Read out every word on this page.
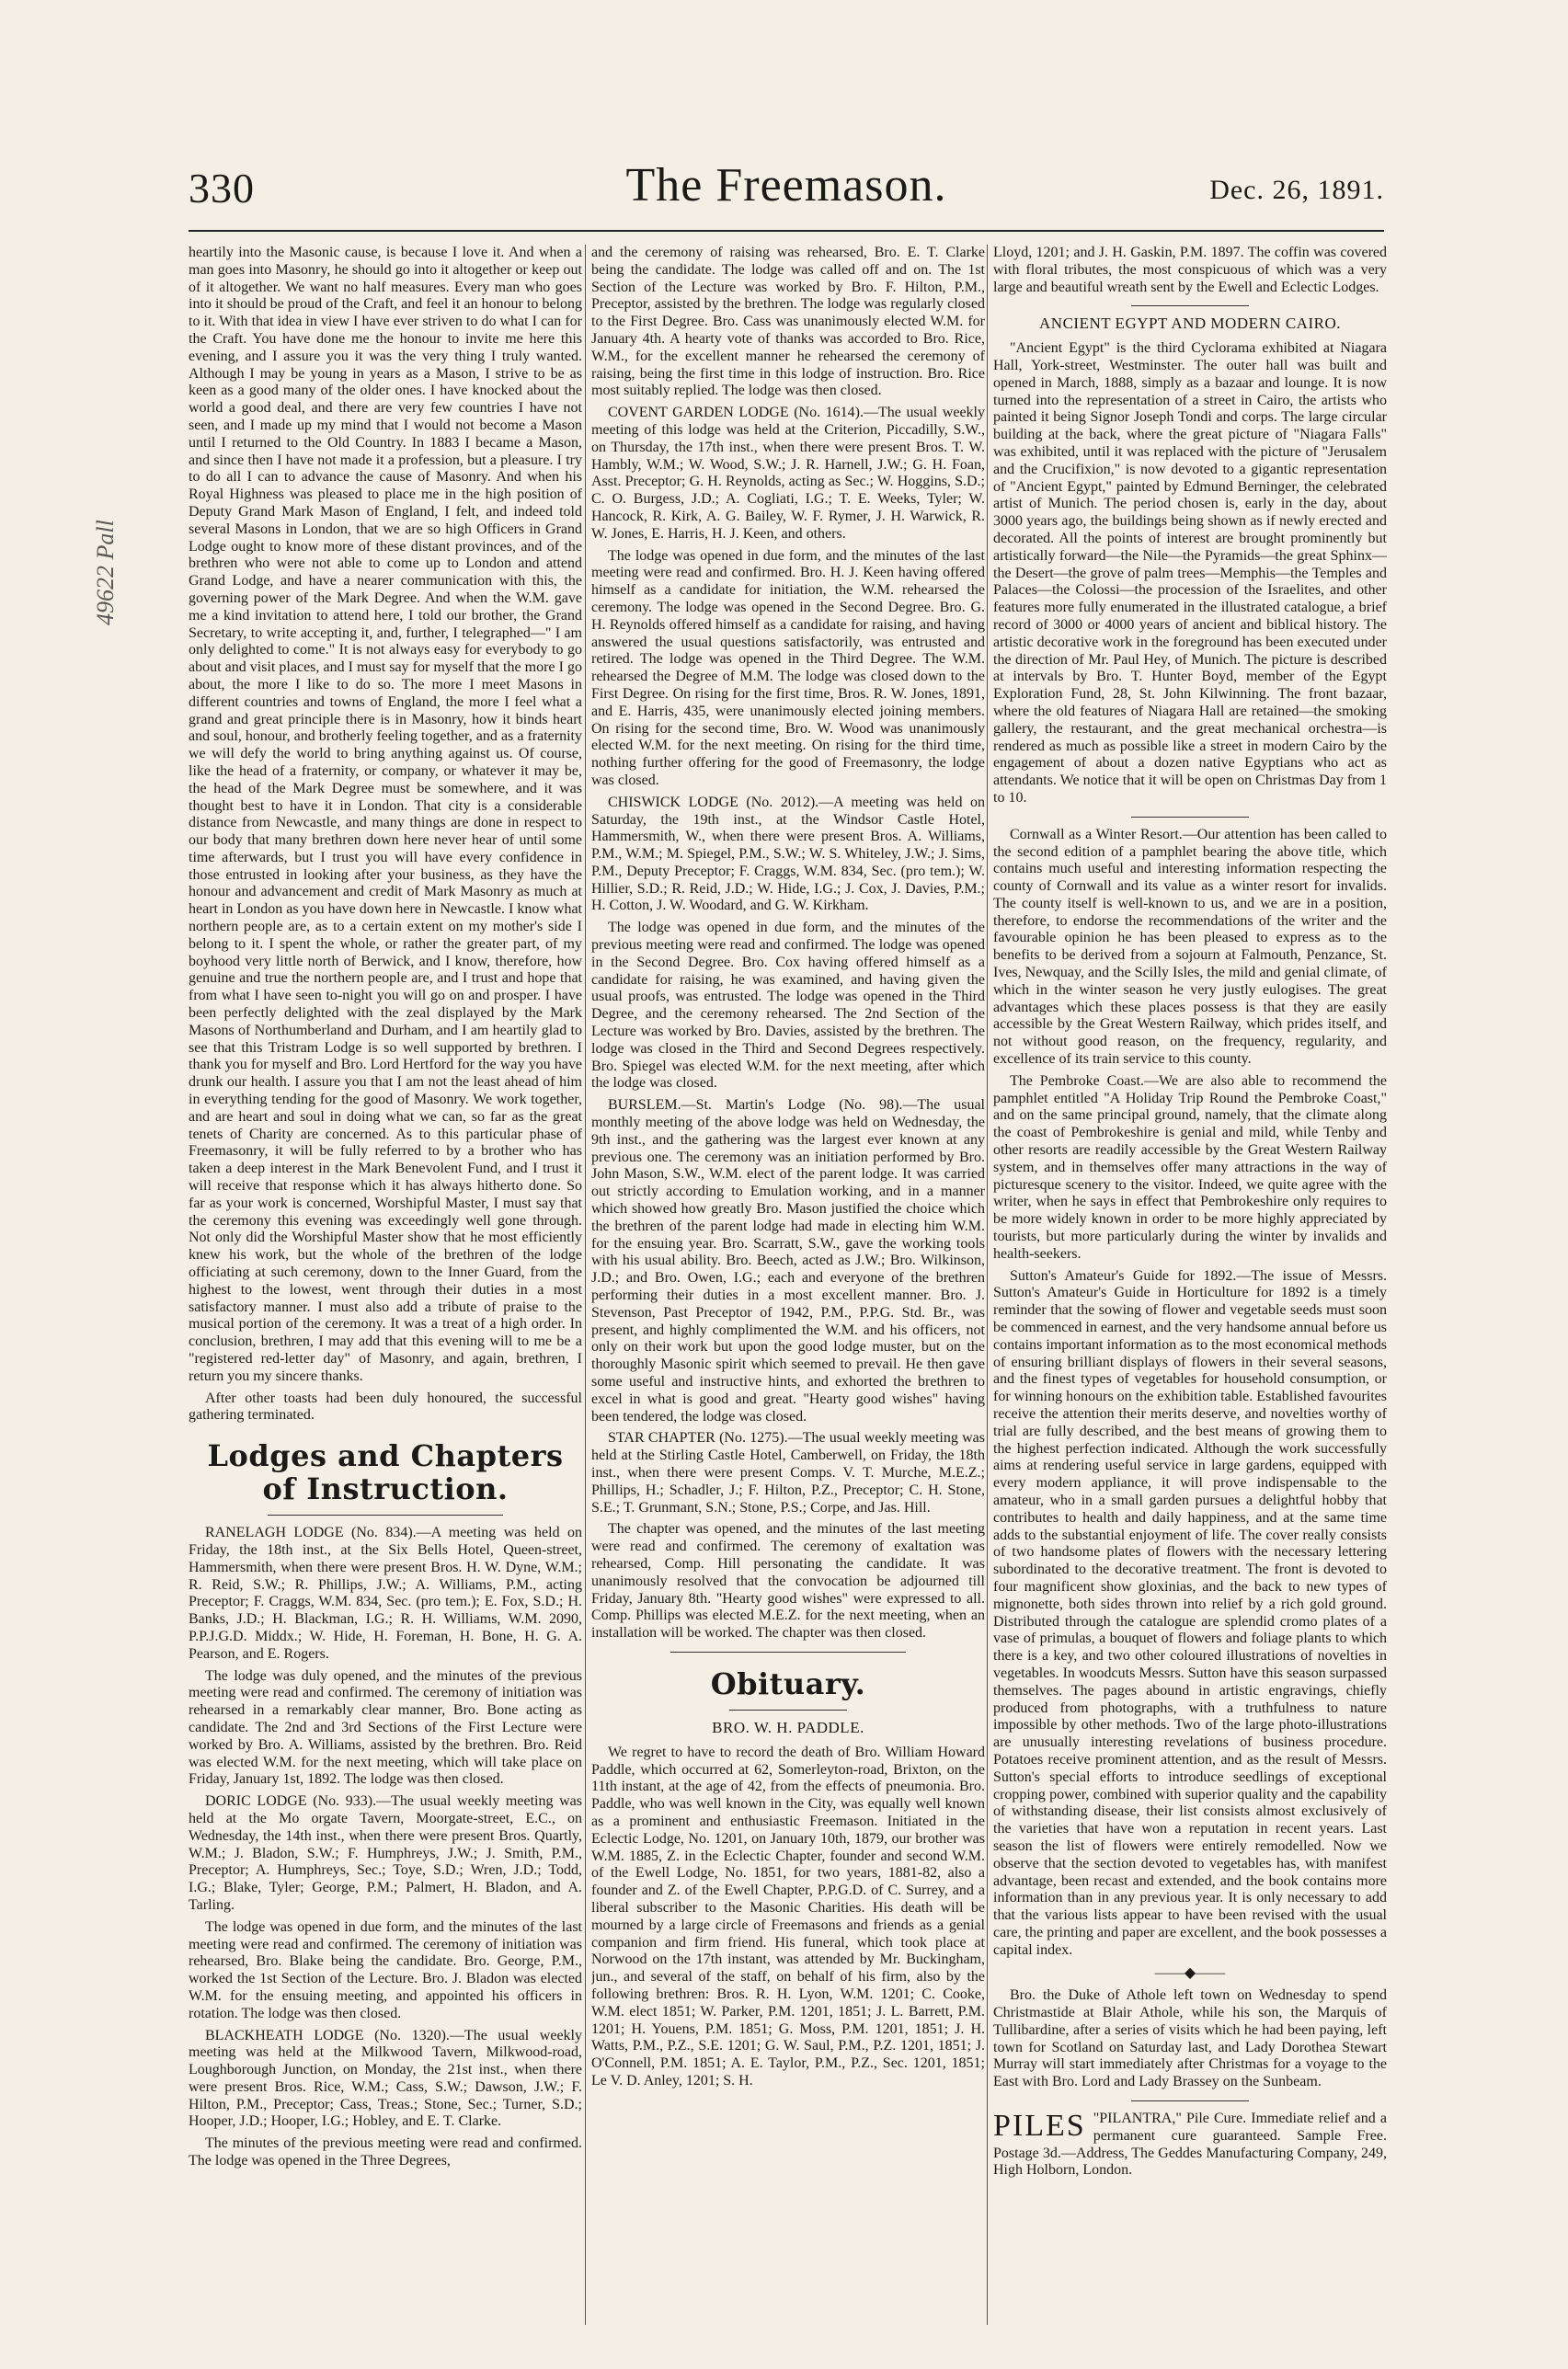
330	The Freemason.	Dec. 26, 1891.
49622 Pall

heartily into the Masonic cause, is because I love it. And when a man goes into Masonry, he should go into it altogether or keep out of it altogether. We want no half measures. Every man who goes into it should be proud of the Craft, and feel it an honour to belong to it. With that idea in view I have ever striven to do what I can for the Craft. You have done me the honour to invite me here this evening, and I assure you it was the very thing I truly wanted. Although I may be young in years as a Mason, I strive to be as keen as a good many of the older ones. I have knocked about the world a good deal, and there are very few countries I have not seen, and I made up my mind that I would not become a Mason until I returned to the Old Country. In 1883 I became a Mason, and since then I have not made it a profession, but a pleasure. I try to do all I can to advance the cause of Masonry. And when his Royal Highness was pleased to place me in the high position of Deputy Grand Mark Mason of England, I felt, and indeed told several Masons in London, that we are so high Officers in Grand Lodge ought to know more of these distant provinces, and of the brethren who were not able to come up to London and attend Grand Lodge, and have a nearer communication with this, the governing power of the Mark Degree. And when the W.M. gave me a kind invitation to attend here, I told our brother, the Grand Secretary, to write accepting it, and, further, I telegraphed—" I am only delighted to come." It is not always easy for everybody to go about and visit places, and I must say for myself that the more I go about, the more I like to do so. The more I meet Masons in different countries and towns of England, the more I feel what a grand and great principle there is in Masonry, how it binds heart and soul, honour, and brotherly feeling together, and as a fraternity we will defy the world to bring anything against us. Of course, like the head of a fraternity, or company, or whatever it may be, the head of the Mark Degree must be somewhere, and it was thought best to have it in London. That city is a considerable distance from Newcastle, and many things are done in respect to our body that many brethren down here never hear of until some time afterwards, but I trust you will have every confidence in those entrusted in looking after your business, as they have the honour and advancement and credit of Mark Masonry as much at heart in London as you have down here in Newcastle. I know what northern people are, as to a certain extent on my mother's side I belong to it. I spent the whole, or rather the greater part, of my boyhood very little north of Berwick, and I know, therefore, how genuine and true the northern people are, and I trust and hope that from what I have seen to-night you will go on and prosper. I have been perfectly delighted with the zeal displayed by the Mark Masons of Northumberland and Durham, and I am heartily glad to see that this Tristram Lodge is so well supported by brethren. I thank you for myself and Bro. Lord Hertford for the way you have drunk our health. I assure you that I am not the least ahead of him in everything tending for the good of Masonry. We work together, and are heart and soul in doing what we can, so far as the great tenets of Charity are concerned. As to this particular phase of Freemasonry, it will be fully referred to by a brother who has taken a deep interest in the Mark Benevolent Fund, and I trust it will receive that response which it has always hitherto done. So far as your work is concerned, Worshipful Master, I must say that the ceremony this evening was exceedingly well gone through. Not only did the Worshipful Master show that he most efficiently knew his work, but the whole of the brethren of the lodge officiating at such ceremony, down to the Inner Guard, from the highest to the lowest, went through their duties in a most satisfactory manner. I must also add a tribute of praise to the musical portion of the ceremony. It was a treat of a high order. In conclusion, brethren, I may add that this evening will to me be a "registered red-letter day" of Masonry, and again, brethren, I return you my sincere thanks.

After other toasts had been duly honoured, the successful gathering terminated.

Lodges and Chapters of Instruction.

RANELAGH LODGE (No. 834).—A meeting was held on Friday, the 18th inst., at the Six Bells Hotel, Queen-street, Hammersmith, when there were present Bros. H. W. Dyne, W.M.; R. Reid, S.W.; R. Phillips, J.W.; A. Williams, P.M., acting Preceptor; F. Craggs, W.M. 834, Sec. (pro tem.); E. Fox, S.D.; H. Banks, J.D.; H. Blackman, I.G.; R. H. Williams, W.M. 2090, P.P.J.G.D. Middx.; W. Hide, H. Foreman, H. Bone, H. G. A. Pearson, and E. Rogers.

The lodge was duly opened, and the minutes of the previous meeting were read and confirmed. The ceremony of initiation was rehearsed in a remarkably clear manner, Bro. Bone acting as candidate. The 2nd and 3rd Sections of the First Lecture were worked by Bro. A. Williams, assisted by the brethren. Bro. Reid was elected W.M. for the next meeting, which will take place on Friday, January 1st, 1892. The lodge was then closed.

DORIC LODGE (No. 933).—The usual weekly meeting was held at the Mo orgate Tavern, Moorgate-street, E.C., on Wednesday, the 14th inst., when there were present Bros. Quartly, W.M.; J. Bladon, S.W.; F. Humphreys, J.W.; J. Smith, P.M., Preceptor; A. Humphreys, Sec.; Toye, S.D.; Wren, J.D.; Todd, I.G.; Blake, Tyler; George, P.M.; Palmert, H. Bladon, and A. Tarling.

The lodge was opened in due form, and the minutes of the last meeting were read and confirmed. The ceremony of initiation was rehearsed, Bro. Blake being the candidate. Bro. George, P.M., worked the 1st Section of the Lecture. Bro. J. Bladon was elected W.M. for the ensuing meeting, and appointed his officers in rotation. The lodge was then closed.

BLACKHEATH LODGE (No. 1320).—The usual weekly meeting was held at the Milkwood Tavern, Milkwood-road, Loughborough Junction, on Monday, the 21st inst., when there were present Bros. Rice, W.M.; Cass, S.W.; Dawson, J.W.; F. Hilton, P.M., Preceptor; Cass, Treas.; Stone, Sec.; Turner, S.D.; Hooper, J.D.; Hooper, I.G.; Hobley, and E. T. Clarke.

The minutes of the previous meeting were read and confirmed. The lodge was opened in the Three Degrees,

and the ceremony of raising was rehearsed, Bro. E. T. Clarke being the candidate. The lodge was called off and on. The 1st Section of the Lecture was worked by Bro. F. Hilton, P.M., Preceptor, assisted by the brethren. The lodge was regularly closed to the First Degree. Bro. Cass was unanimously elected W.M. for January 4th. A hearty vote of thanks was accorded to Bro. Rice, W.M., for the excellent manner he rehearsed the ceremony of raising, being the first time in this lodge of instruction. Bro. Rice most suitably replied. The lodge was then closed.

COVENT GARDEN LODGE (No. 1614).—The usual weekly meeting of this lodge was held at the Criterion, Piccadilly, S.W., on Thursday, the 17th inst., when there were present Bros. T. W. Hambly, W.M.; W. Wood, S.W.; J. R. Harnell, J.W.; G. H. Foan, Asst. Preceptor; G. H. Reynolds, acting as Sec.; W. Hoggins, S.D.; C. O. Burgess, J.D.; A. Cogliati, I.G.; T. E. Weeks, Tyler; W. Hancock, R. Kirk, A. G. Bailey, W. F. Rymer, J. H. Warwick, R. W. Jones, E. Harris, H. J. Keen, and others.

The lodge was opened in due form, and the minutes of the last meeting were read and confirmed. Bro. H. J. Keen having offered himself as a candidate for initiation, the W.M. rehearsed the ceremony. The lodge was opened in the Second Degree. Bro. G. H. Reynolds offered himself as a candidate for raising, and having answered the usual questions satisfactorily, was entrusted and retired. The lodge was opened in the Third Degree. The W.M. rehearsed the Degree of M.M. The lodge was closed down to the First Degree. On rising for the first time, Bros. R. W. Jones, 1891, and E. Harris, 435, were unanimously elected joining members. On rising for the second time, Bro. W. Wood was unanimously elected W.M. for the next meeting. On rising for the third time, nothing further offering for the good of Freemasonry, the lodge was closed.

CHISWICK LODGE (No. 2012).—A meeting was held on Saturday, the 19th inst., at the Windsor Castle Hotel, Hammersmith, W., when there were present Bros. A. Williams, P.M., W.M.; M. Spiegel, P.M., S.W.; W. S. Whiteley, J.W.; J. Sims, P.M., Deputy Preceptor; F. Craggs, W.M. 834, Sec. (pro tem.); W. Hillier, S.D.; R. Reid, J.D.; W. Hide, I.G.; J. Cox, J. Davies, P.M.; H. Cotton, J. W. Woodard, and G. W. Kirkham.

The lodge was opened in due form, and the minutes of the previous meeting were read and confirmed. The lodge was opened in the Second Degree. Bro. Cox having offered himself as a candidate for raising, he was examined, and having given the usual proofs, was entrusted. The lodge was opened in the Third Degree, and the ceremony rehearsed. The 2nd Section of the Lecture was worked by Bro. Davies, assisted by the brethren. The lodge was closed in the Third and Second Degrees respectively. Bro. Spiegel was elected W.M. for the next meeting, after which the lodge was closed.

BURSLEM.—St. Martin's Lodge (No. 98).—The usual monthly meeting of the above lodge was held on Wednesday, the 9th inst., and the gathering was the largest ever known at any previous one. The ceremony was an initiation performed by Bro. John Mason, S.W., W.M. elect of the parent lodge. It was carried out strictly according to Emulation working, and in a manner which showed how greatly Bro. Mason justified the choice which the brethren of the parent lodge had made in electing him W.M. for the ensuing year. Bro. Scarratt, S.W., gave the working tools with his usual ability. Bro. Beech, acted as J.W.; Bro. Wilkinson, J.D.; and Bro. Owen, I.G.; each and everyone of the brethren performing their duties in a most excellent manner. Bro. J. Stevenson, Past Preceptor of 1942, P.M., P.P.G. Std. Br., was present, and highly complimented the W.M. and his officers, not only on their work but upon the good lodge muster, but on the thoroughly Masonic spirit which seemed to prevail. He then gave some useful and instructive hints, and exhorted the brethren to excel in what is good and great. "Hearty good wishes" having been tendered, the lodge was closed.

STAR CHAPTER (No. 1275).—The usual weekly meeting was held at the Stirling Castle Hotel, Camberwell, on Friday, the 18th inst., when there were present Comps. V. T. Murche, M.E.Z.; Phillips, H.; Schadler, J.; F. Hilton, P.Z., Preceptor; C. H. Stone, S.E.; T. Grunmant, S.N.; Stone, P.S.; Corpe, and Jas. Hill.

The chapter was opened, and the minutes of the last meeting were read and confirmed. The ceremony of exaltation was rehearsed, Comp. Hill personating the candidate. It was unanimously resolved that the convocation be adjourned till Friday, January 8th. "Hearty good wishes" were expressed to all. Comp. Phillips was elected M.E.Z. for the next meeting, when an installation will be worked. The chapter was then closed.

Obituary.
BRO. W. H. PADDLE.

We regret to have to record the death of Bro. William Howard Paddle, which occurred at 62, Somerleyton-road, Brixton, on the 11th instant, at the age of 42, from the effects of pneumonia. Bro. Paddle, who was well known in the City, was equally well known as a prominent and enthusiastic Freemason. Initiated in the Eclectic Lodge, No. 1201, on January 10th, 1879, our brother was W.M. 1885, Z. in the Eclectic Chapter, founder and second W.M. of the Ewell Lodge, No. 1851, for two years, 1881-82, also a founder and Z. of the Ewell Chapter, P.P.G.D. of C. Surrey, and a liberal subscriber to the Masonic Charities. His death will be mourned by a large circle of Freemasons and friends as a genial companion and firm friend. His funeral, which took place at Norwood on the 17th instant, was attended by Mr. Buckingham, jun., and several of the staff, on behalf of his firm, also by the following brethren: Bros. R. H. Lyon, W.M. 1201; C. Cooke, W.M. elect 1851; W. Parker, P.M. 1201, 1851; J. L. Barrett, P.M. 1201; H. Youens, P.M. 1851; G. Moss, P.M. 1201, 1851; J. H. Watts, P.M., P.Z., S.E. 1201; G. W. Saul, P.M., P.Z. 1201, 1851; J. O'Connell, P.M. 1851; A. E. Taylor, P.M., P.Z., Sec. 1201, 1851; Le V. D. Anley, 1201; S. H.

Lloyd, 1201; and J. H. Gaskin, P.M. 1897. The coffin was covered with floral tributes, the most conspicuous of which was a very large and beautiful wreath sent by the Ewell and Eclectic Lodges.

ANCIENT EGYPT AND MODERN CAIRO.

"Ancient Egypt" is the third Cyclorama exhibited at Niagara Hall, York-street, Westminster. The outer hall was built and opened in March, 1888, simply as a bazaar and lounge. It is now turned into the representation of a street in Cairo, the artists who painted it being Signor Joseph Tondi and corps. The large circular building at the back, where the great picture of "Niagara Falls" was exhibited, until it was replaced with the picture of "Jerusalem and the Crucifixion," is now devoted to a gigantic representation of "Ancient Egypt," painted by Edmund Berninger, the celebrated artist of Munich. The period chosen is, early in the day, about 3000 years ago, the buildings being shown as if newly erected and decorated. All the points of interest are brought prominently but artistically forward—the Nile—the Pyramids—the great Sphinx—the Desert—the grove of palm trees—Memphis—the Temples and Palaces—the Colossi—the procession of the Israelites, and other features more fully enumerated in the illustrated catalogue, a brief record of 3000 or 4000 years of ancient and biblical history. The artistic decorative work in the foreground has been executed under the direction of Mr. Paul Hey, of Munich. The picture is described at intervals by Bro. T. Hunter Boyd, member of the Egypt Exploration Fund, 28, St. John Kilwinning. The front bazaar, where the old features of Niagara Hall are retained—the smoking gallery, the restaurant, and the great mechanical orchestra—is rendered as much as possible like a street in modern Cairo by the engagement of about a dozen native Egyptians who act as attendants. We notice that it will be open on Christmas Day from 1 to 10.

Cornwall as a Winter Resort.—Our attention has been called to the second edition of a pamphlet bearing the above title, which contains much useful and interesting information respecting the county of Cornwall and its value as a winter resort for invalids. The county itself is well-known to us, and we are in a position, therefore, to endorse the recommendations of the writer and the favourable opinion he has been pleased to express as to the benefits to be derived from a sojourn at Falmouth, Penzance, St. Ives, Newquay, and the Scilly Isles, the mild and genial climate, of which in the winter season he very justly eulogises. The great advantages which these places possess is that they are easily accessible by the Great Western Railway, which prides itself, and not without good reason, on the frequency, regularity, and excellence of its train service to this county.

The Pembroke Coast.—We are also able to recommend the pamphlet entitled "A Holiday Trip Round the Pembroke Coast," and on the same principal ground, namely, that the climate along the coast of Pembrokeshire is genial and mild, while Tenby and other resorts are readily accessible by the Great Western Railway system, and in themselves offer many attractions in the way of picturesque scenery to the visitor. Indeed, we quite agree with the writer, when he says in effect that Pembrokeshire only requires to be more widely known in order to be more highly appreciated by tourists, but more particularly during the winter by invalids and health-seekers.

Sutton's Amateur's Guide for 1892.—The issue of Messrs. Sutton's Amateur's Guide in Horticulture for 1892 is a timely reminder that the sowing of flower and vegetable seeds must soon be commenced in earnest, and the very handsome annual before us contains important information as to the most economical methods of ensuring brilliant displays of flowers in their several seasons, and the finest types of vegetables for household consumption, or for winning honours on the exhibition table. Established favourites receive the attention their merits deserve, and novelties worthy of trial are fully described, and the best means of growing them to the highest perfection indicated. Although the work successfully aims at rendering useful service in large gardens, equipped with every modern appliance, it will prove indispensable to the amateur, who in a small garden pursues a delightful hobby that contributes to health and daily happiness, and at the same time adds to the substantial enjoyment of life. The cover really consists of two handsome plates of flowers with the necessary lettering subordinated to the decorative treatment. The front is devoted to four magnificent show gloxinias, and the back to new types of mignonette, both sides thrown into relief by a rich gold ground. Distributed through the catalogue are splendid cromo plates of a vase of primulas, a bouquet of flowers and foliage plants to which there is a key, and two other coloured illustrations of novelties in vegetables. In woodcuts Messrs. Sutton have this season surpassed themselves. The pages abound in artistic engravings, chiefly produced from photographs, with a truthfulness to nature impossible by other methods. Two of the large photo-illustrations are unusually interesting revelations of business procedure. Potatoes receive prominent attention, and as the result of Messrs. Sutton's special efforts to introduce seedlings of exceptional cropping power, combined with superior quality and the capability of withstanding disease, their list consists almost exclusively of the varieties that have won a reputation in recent years. Last season the list of flowers were entirely remodelled. Now we observe that the section devoted to vegetables has, with manifest advantage, been recast and extended, and the book contains more information than in any previous year. It is only necessary to add that the various lists appear to have been revised with the usual care, the printing and paper are excellent, and the book possesses a capital index.

——◆——

Bro. the Duke of Athole left town on Wednesday to spend Christmastide at Blair Athole, while his son, the Marquis of Tullibardine, after a series of visits which he had been paying, left town for Scotland on Saturday last, and Lady Dorothea Stewart Murray will start immediately after Christmas for a voyage to the East with Bro. Lord and Lady Brassey on the Sunbeam.

PILES "PILANTRA," Pile Cure. Immediate relief and a permanent cure guaranteed. Sample Free. Postage 3d.—Address, The Geddes Manufacturing Company, 249, High Holborn, London.
